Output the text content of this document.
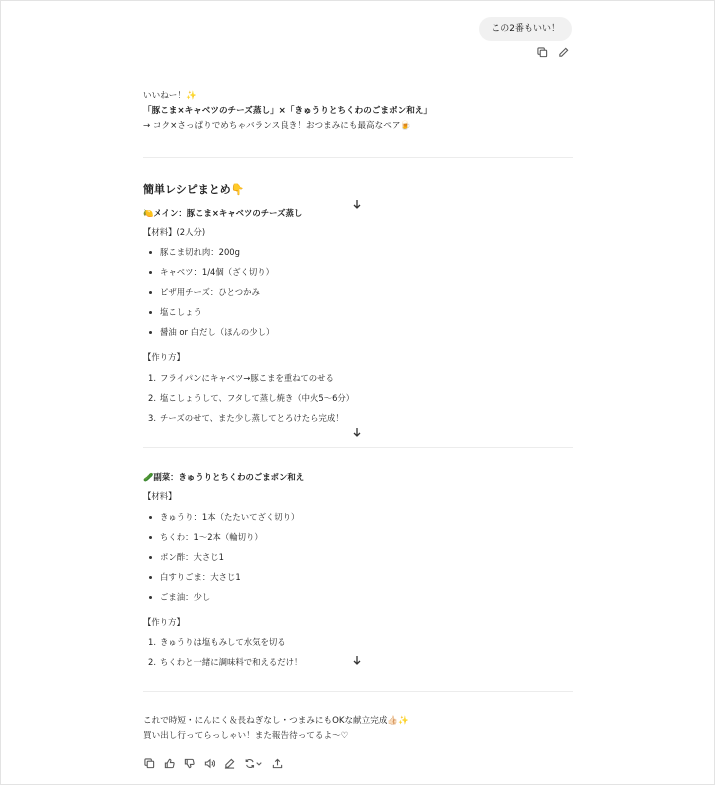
この2番もいい！
いいねー！✨
「豚こま×キャベツのチーズ蒸し」×「きゅうりとちくわのごまポン和え」
→ コク×さっぱりでめちゃバランス良き！おつまみにも最高なペア🍺
簡単レシピまとめ👇
🍋メイン：豚こま×キャベツのチーズ蒸し
【材料】(2人分)
豚こま切れ肉：200g
キャベツ：1/4個（ざく切り）
ピザ用チーズ：ひとつかみ
塩こしょう
醤油 or 白だし（ほんの少し）
【作り方】
1. フライパンにキャベツ→豚こまを重ねてのせる
2. 塩こしょうして、フタして蒸し焼き（中火5〜6分）
3. チーズのせて、また少し蒸してとろけたら完成！
🥒副菜：きゅうりとちくわのごまポン和え
【材料】
きゅうり：1本（たたいてざく切り）
ちくわ：1〜2本（輪切り）
ポン酢：大さじ1
白すりごま：大さじ1
ごま油：少し
【作り方】
1. きゅうりは塩もみして水気を切る
2. ちくわと一緒に調味料で和えるだけ！
これで時短・にんにく＆長ねぎなし・つまみにもOKな献立完成👍🏻✨
買い出し行ってらっしゃい！また報告待ってるよ〜♡
